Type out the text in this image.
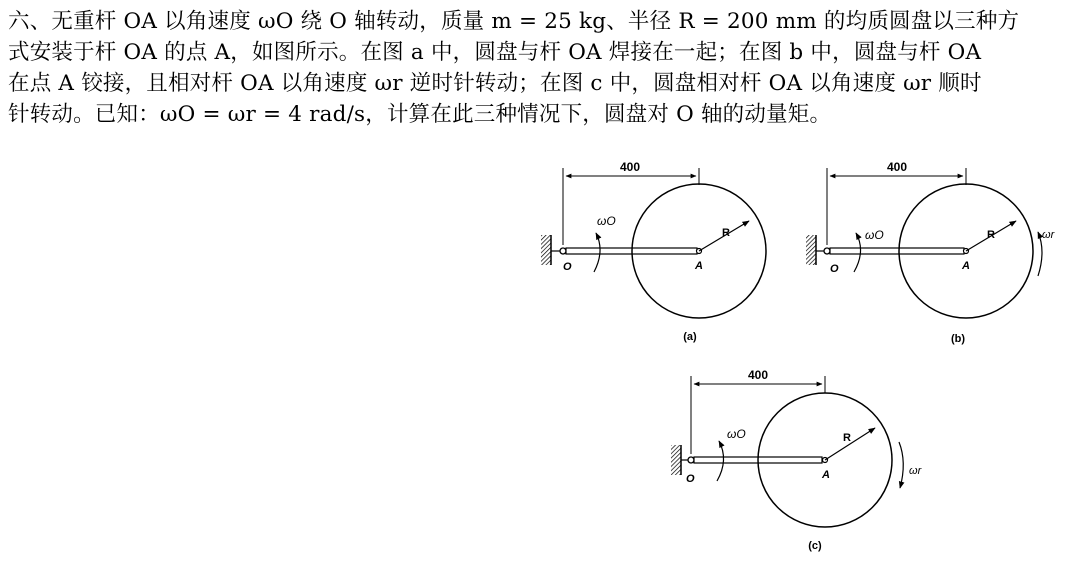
六、无重杆 OA 以角速度 ωO 绕 O 轴转动，质量 m = 25 kg、半径 R = 200 mm 的均质圆盘以三种方
式安装于杆 OA 的点 A，如图所示。在图 a 中，圆盘与杆 OA 焊接在一起；在图 b 中，圆盘与杆 OA
在点 A 铰接，且相对杆 OA 以角速度 ωr 逆时针转动；在图 c 中，圆盘相对杆 OA 以角速度 ωr 顺时
针转动。已知：ωO = ωr = 4 rad/s，计算在此三种情况下，圆盘对 O 轴的动量矩。
400
ωO
O	A
R
(a)
400
ωO	ωr
O	A
R
(b)
400
ωO
ωr
O	A
R
(c)
